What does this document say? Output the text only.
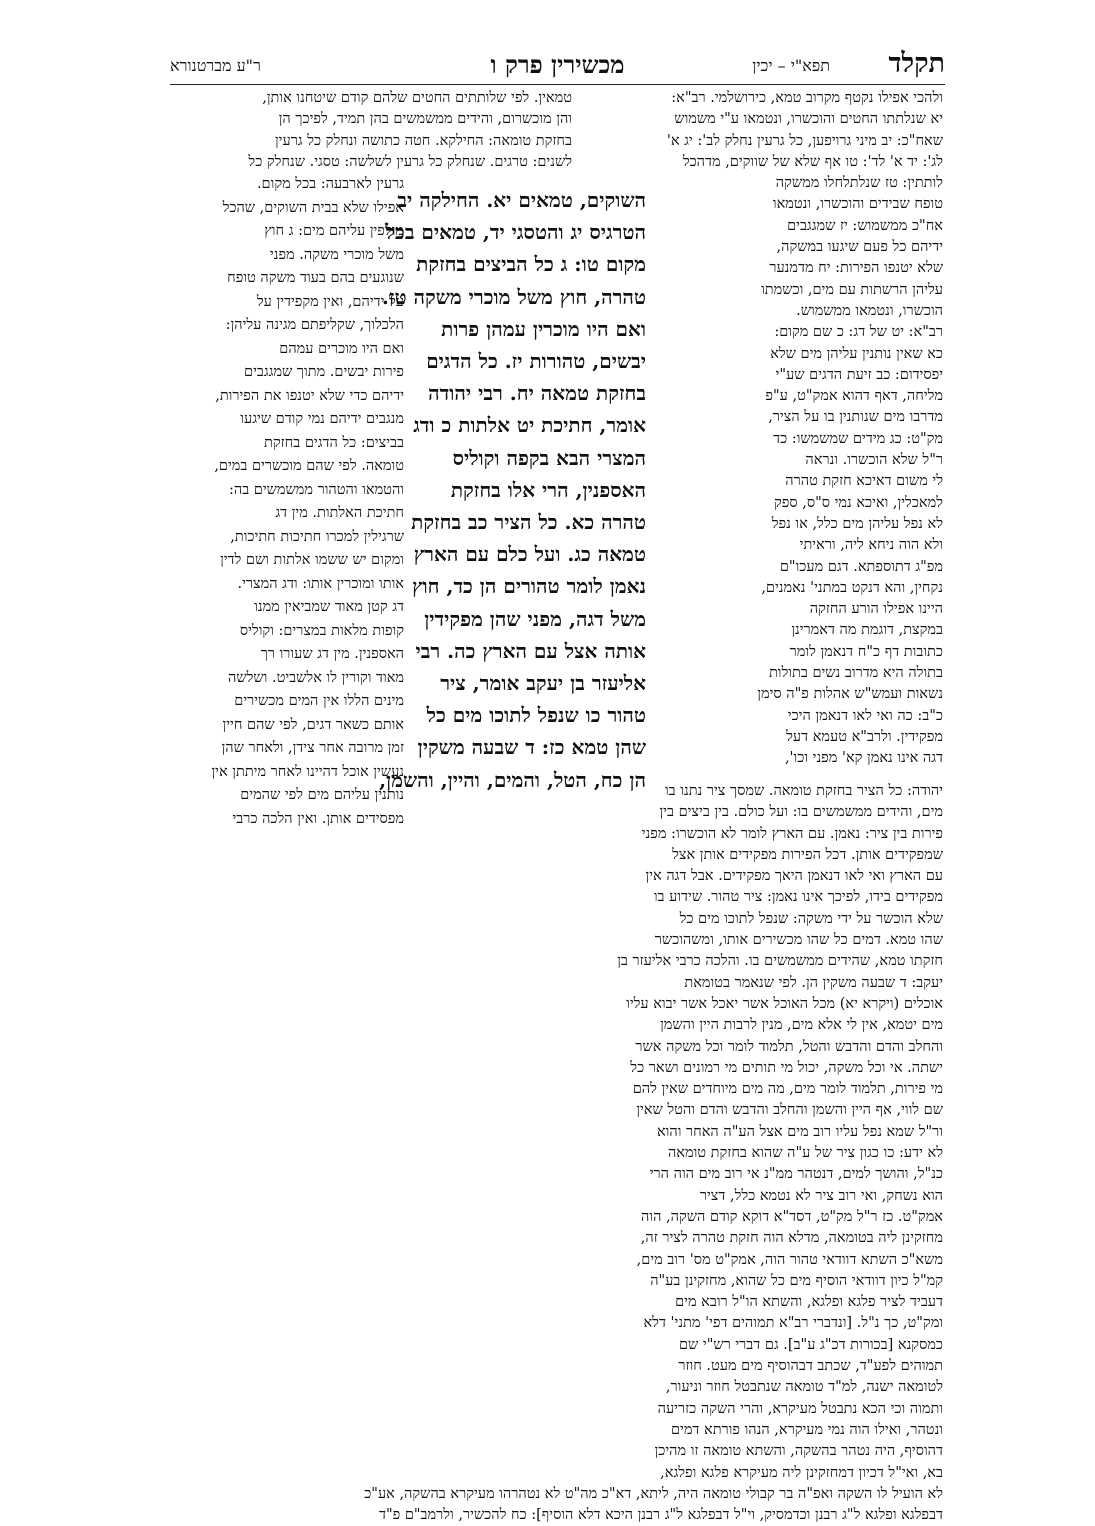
תקלד
תפא"י – יכין
מכשירין פרק ו
ר"ע מברטנורא
ולהכי אפילו נקטף מקרוב טמא, כירושלמי. רב"א:
יא שנלתתו החטים והוכשרו, ונטמאו ע"י משמוש
שאח"כ: יב מיני גרויפען, כל גרעין נחלק לב': יג א'
לג': יד א' לד': טו אף שלא של שווקים, מדהכל
לותתין: טז שנלתלחלו ממשקה
טופח שבידים והוכשרו, ונטמאו
אח"כ ממשמוש: יז שמגגבים
ידיהם כל פעם שיגעו במשקה,
שלא יטנפו הפירות: יח מדמנער
עליהן הרשתות עם מים, וכשמתו
הוכשרו, ונטמאו ממשמוש.
רב"א: יט של דג: כ שם מקום:
כא שאין נותנין עליהן מים שלא
יפסידום: כב זיעת הדגים שע"י
מליחה, דאף דהוא אמק"ט, ע"פ
מדרבו מים שנותנין בו על הציר,
מק"ט: כג מידים שמשמשו: כד
ר"ל שלא הוכשרו. ונראה
לי משום דאיכא חזקת טהרה
למאכלין, ואיכא נמי ס"ס, ספק
לא נפל עליהן מים כלל, או נפל
ולא הוה ניחא ליה, וראיתי
מפ"ג דתוספתא. דגם מעכו"ם
נקחין, והא דנקט במתני' נאמנים,
היינו אפילו הורע החזקה
במקצת, דוגמת מה דאמרינן
כתובות דף כ"ח דנאמן לומר
בתולה היא מדרוב נשים בתולות
נשאות ועמש"ש אהלות פ"ה סימן
כ"ב: כה ואי לאו דנאמן היכי
מפקידין. ולרב"א טעמא דעל
דגה אינו נאמן קא' מפני וכו',
טמאין. לפי שלותתים החטים שלהם קודם שיטחנו אותן,
והן מוכשרום, והידים ממשמשים בהן תמיד, לפיכך הן
בחזקת טומאה: החילקא. חטה כתושה ונחלק כל גרעין
לשנים: טרגים. שנחלק כל גרעין לשלשה: טסגי. שנחלק כל
השוקים, טמאים יא. החילקה יב
הטרגיס יג והטסגי יד, טמאים בכל
מקום טו: ג כל הביצים בחזקת
טהרה, חוץ משל מוכרי משקה טז.
ואם היו מוכרין עמהן פרות
יבשים, טהורות יז. כל הדגים
בחזקת טמאה יח. רבי יהודה
אומר, חתיכת יט אלתות כ ודג
המצרי הבא בקפה וקוליס
האספנין, הרי אלו בחזקת
טהרה כא. כל הציר כב בחזקת
טמאה כג. ועל כלם עם הארץ
נאמן לומר טהורים הן כד, חוץ
משל דגה, מפני שהן מפקידין
אותה אצל עם הארץ כה. רבי
אליעזר בן יעקב אומר, ציר
טהור כו שנפל לתוכו מים כל
שהן טמא כז: ד שבעה משקין
הן כח, הטל, והמים, והיין, והשמן,
גרעין לארבעה: בכל מקום.
אפילו שלא בבית השוקים, שהכל
מולפין עליהם מים: ג חוץ
משל מוכרי משקה. מפני
שנוגעים בהם בעוד משקה טופח
על ידיהם, ואין מקפידין על
הלכלוך, שקליפתם מגינה עליהן:
ואם היו מוכרים עמהם
פירות יבשים. מתוך שמגגבים
ידיהם כדי שלא יטנפו את הפירות,
מנגבים ידיהם נמי קודם שיגעו
בביצים: כל הדגים בחזקת
טומאה. לפי שהם מוכשרים במים,
והטמאו והטהור ממשמשים בה:
חתיכת האלתות. מין דג
שרגילין למכרו חתיכות חתיכות,
ומקום יש ששמו אלתות ושם לדין
אותו ומוכרין אותו: ודג המצרי.
דג קטן מאוד שמביאין ממנו
קופות מלאות במצרים: וקוליס
האספנין. מין דג שעורו רך
מאוד וקורין לו אלשביט. ושלשה
מינים הללו אין המים מכשירים
אותם כשאר דגים, לפי שהם חיין
זמן מרובה אחר צידן, ולאחר שהן
נעשין אוכל דהיינו לאחר מיתתן אין
נותנין עליהם מים לפי שהמים
מפסידים אותן. ואין הלכה כרבי
יהודה: כל הציר בחזקת טומאה. שמסך ציר נתנו בו
מים, והידים ממשמשים בו: ועל כולם. בין ביצים בין
פירות בין ציר: נאמן. עם הארץ לומר לא הוכשרו: מפני
שמפקידים אותן. דכל הפירות מפקידים אותן אצל
עם הארץ ואי לאו דנאמן היאך מפקידים. אבל דגה אין
מפקידים בידו, לפיכך אינו נאמן: ציר טהור. שידוע בו
שלא הוכשר על ידי משקה: שנפל לתוכו מים כל
שהו טמא. דמים כל שהו מכשירים אותו, ומשהוכשר
חזקתו טמא, שהידים ממשמשים בו. והלכה כרבי אליעזר בן
יעקב: ד שבעה משקין הן. לפי שנאמר בטומאת
אוכלים (ויקרא יא) מכל האוכל אשר יאכל אשר יבוא עליו
מים יטמא, אין לי אלא מים, מנין לרבות היין והשמן
והחלב והדם והדבש והטל, תלמוד לומר וכל משקה אשר
ישתה. אי וכל משקה, יכול מי תותים מי רמונים ושאר כל
מי פירות, תלמוד לומר מים, מה מים מיוחדים שאין להם
שם לווי, אף היין והשמן והחלב והדבש והדם והטל שאין
ור"ל שמא נפל עליו רוב מים אצל הע"ה האחר והוא
לא ידע: כו כגון ציר של ע"ה שהוא בחזקת טומאה
כנ"ל, והושך למים, דנטהר ממ"נ אי רוב מים הוה הרי
הוא נשחק, ואי רוב ציר לא נטמא כלל, דציר
אמק"ט. כז ר"ל מק"ט, דסד"א דוקא קודם השקה, הוה
מחזקינן ליה בטומאה, מדלא הוה חזקת טהרה לציר זה,
משא"כ השתא דוודאי טהור הוה, אמק"ט מס' רוב מים,
קמ"ל כיון דוודאי הוסיף מים כל שהוא, מחזקינן בע"ה
דעביד לציר פלגא ופלגא, והשתא הו"ל רובא מים
ומק"ט, כך נ"ל. [ונדברי רב"א תמוהים דפי' מתני' דלא
כמסקנא [בכורות דכ"ג ע"ב]. גם דברי רש"י שם
תמוהים לפע"ד, שכתב דבהוסיף מים מעט. חוזר
לטומאה ישנה, למ"ד טומאה שנתבטל חוזר וניעור,
ותמוה וכי הכא נתבטל מעיקרא, והרי השקה כזריעה
ונטהר, ואילו הוה נמי מעיקרא, הנהו פורתא דמים
דהוסיף, היה נטהר בהשקה, והשתא טומאה זו מהיכן
בא, ואי"ל דכיון דמחזקינן ליה מעיקרא פלגא ופלגא,
לא הועיל לו השקה ואפ"ה בר קבולי טומאה היה, ליתא, דא"כ מה"ט לא נטהרהו מעיקרא בהשקה, אע"כ
דבפלגא ופלגא ל"ג רבנן וכדמסיק, וי"ל דבפלגא ל"ג רבנן היכא דלא הוסיף]: כח להכשיר, ולרמב"ם פ"ד
